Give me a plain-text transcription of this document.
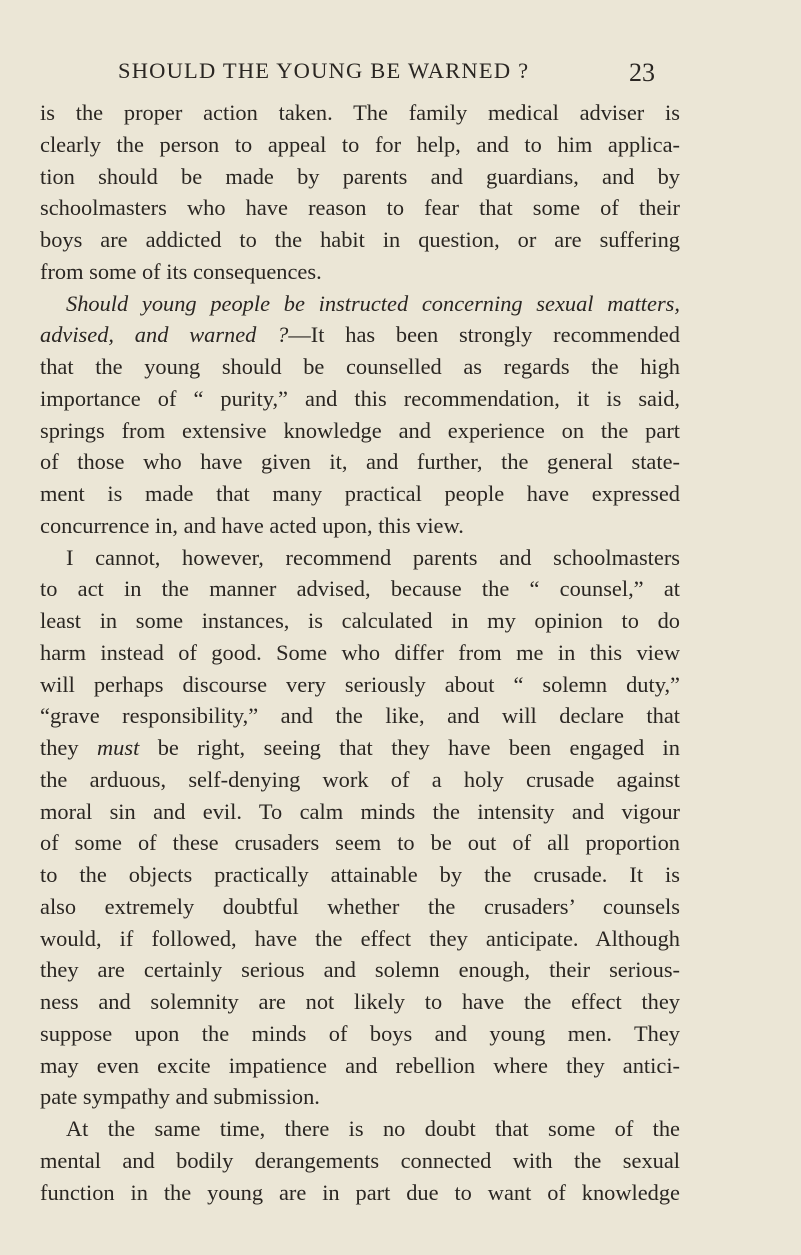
SHOULD THE YOUNG BE WARNED ?	23
is the proper action taken. The family medical adviser is
clearly the person to appeal to for help, and to him applica-
tion should be made by parents and guardians, and by
schoolmasters who have reason to fear that some of their
boys are addicted to the habit in question, or are suffering
from some of its consequences.
Should young people be instructed concerning sexual matters,
advised, and warned ?—It has been strongly recommended
that the young should be counselled as regards the high
importance of “ purity,” and this recommendation, it is said,
springs from extensive knowledge and experience on the part
of those who have given it, and further, the general state-
ment is made that many practical people have expressed
concurrence in, and have acted upon, this view.
I cannot, however, recommend parents and schoolmasters
to act in the manner advised, because the “ counsel,” at
least in some instances, is calculated in my opinion to do
harm instead of good. Some who differ from me in this view
will perhaps discourse very seriously about “ solemn duty,”
“grave responsibility,” and the like, and will declare that
they must be right, seeing that they have been engaged in
the arduous, self-denying work of a holy crusade against
moral sin and evil. To calm minds the intensity and vigour
of some of these crusaders seem to be out of all proportion
to the objects practically attainable by the crusade. It is
also extremely doubtful whether the crusaders’ counsels
would, if followed, have the effect they anticipate. Although
they are certainly serious and solemn enough, their serious-
ness and solemnity are not likely to have the effect they
suppose upon the minds of boys and young men. They
may even excite impatience and rebellion where they antici-
pate sympathy and submission.
At the same time, there is no doubt that some of the
mental and bodily derangements connected with the sexual
function in the young are in part due to want of knowledge
